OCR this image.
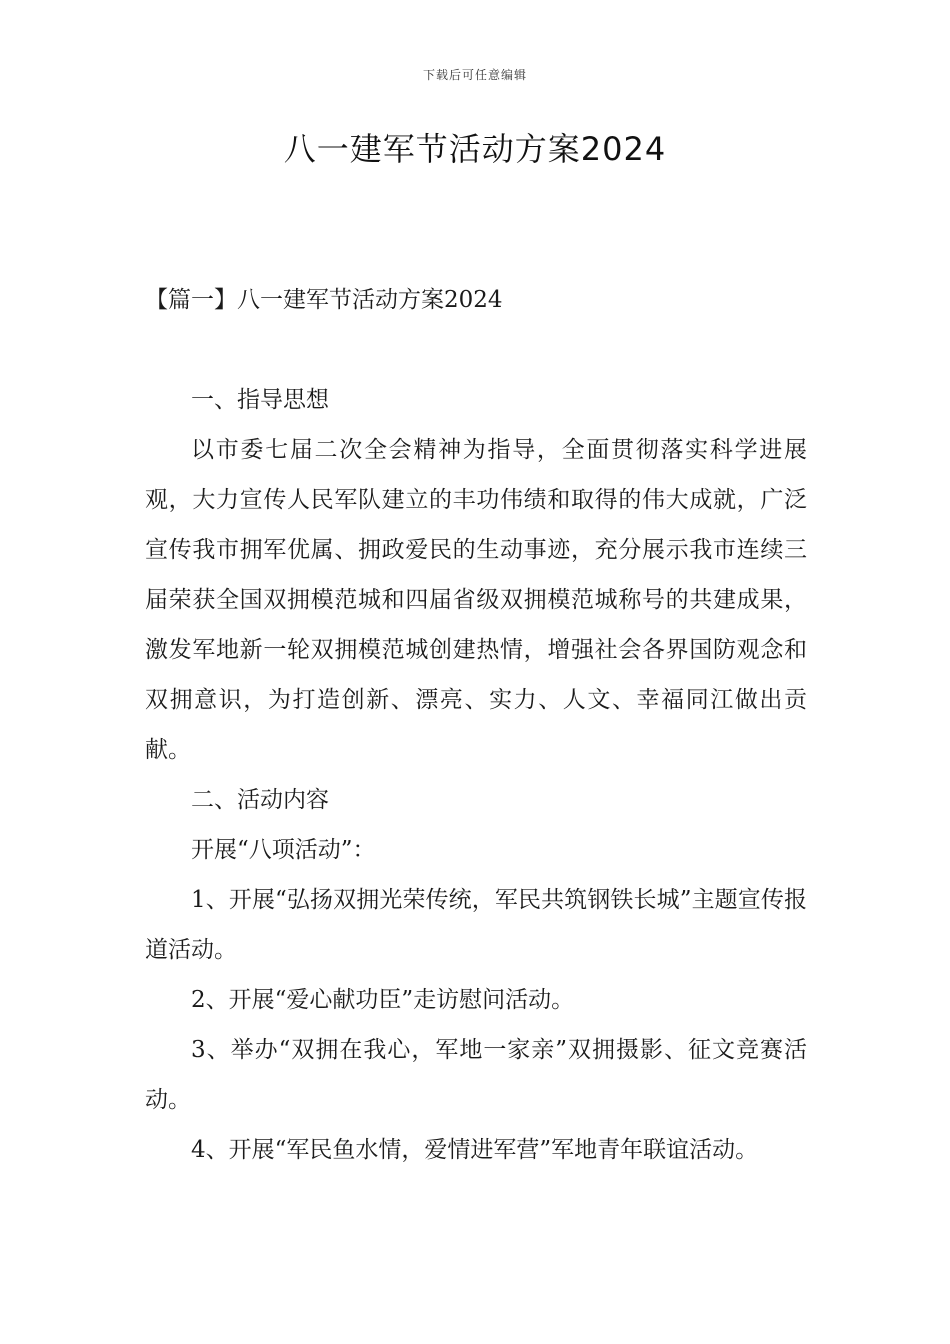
下载后可任意编辑
八一建军节活动方案2024
【篇一】八一建军节活动方案2024

一、指导思想

以市委七届二次全会精神为指导，全面贯彻落实科学进展观，大力宣传人民军队建立的丰功伟绩和取得的伟大成就，广泛宣传我市拥军优属、拥政爱民的生动事迹，充分展示我市连续三届荣获全国双拥模范城和四届省级双拥模范城称号的共建成果，激发军地新一轮双拥模范城创建热情，增强社会各界国防观念和双拥意识，为打造创新、漂亮、实力、人文、幸福同江做出贡献。

二、活动内容

开展“八项活动”：

1、开展“弘扬双拥光荣传统，军民共筑钢铁长城”主题宣传报道活动。

2、开展“爱心献功臣”走访慰问活动。

3、举办“双拥在我心，军地一家亲”双拥摄影、征文竞赛活动。

4、开展“军民鱼水情，爱情进军营”军地青年联谊活动。
